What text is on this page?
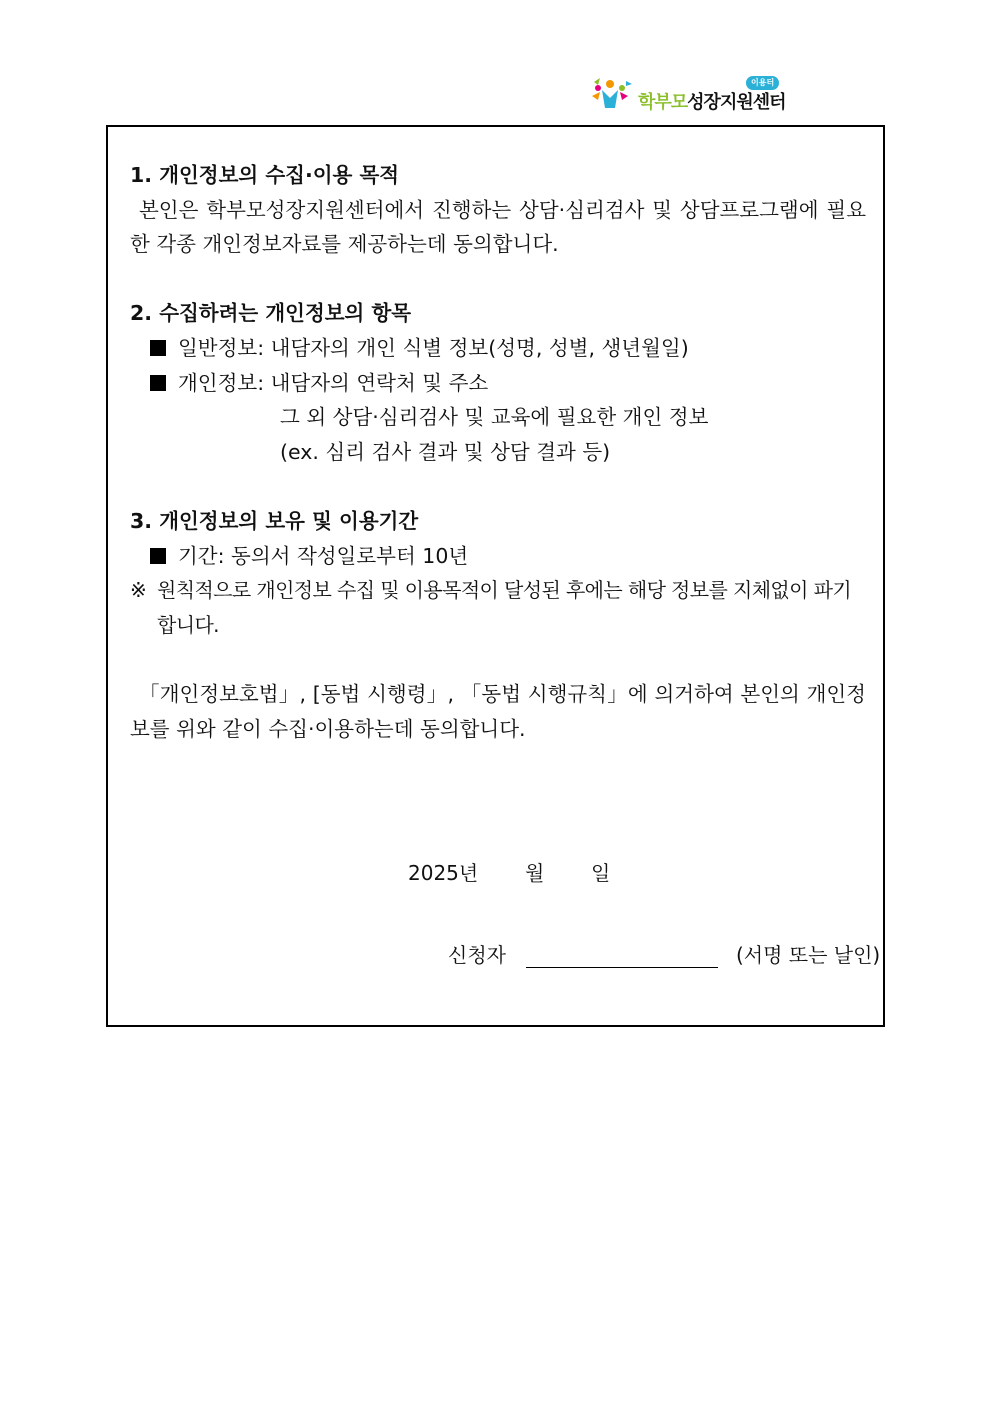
학부모성장지원센터
이용터
1. 개인정보의 수집·이용 목적
본인은 학부모성장지원센터에서 진행하는 상담·심리검사 및 상담프로그램에 필요한 각종 개인정보자료를 제공하는데 동의합니다.
2. 수집하려는 개인정보의 항목
일반정보: 내담자의 개인 식별 정보(성명, 성별, 생년월일)
개인정보: 내담자의 연락처 및 주소
그 외 상담·심리검사 및 교육에 필요한 개인 정보
(ex. 심리 검사 결과 및 상담 결과 등)
3. 개인정보의 보유 및 이용기간
기간: 동의서 작성일로부터 10년
※ 원칙적으로 개인정보 수집 및 이용목적이 달성된 후에는 해당 정보를 지체없이 파기합니다.
「개인정보호법」, [동법 시행령」, 「동법 시행규칙」에 의거하여 본인의 개인정보를 위와 같이 수집·이용하는데 동의합니다.
2025년 월 일
신청자	(서명 또는 날인)
